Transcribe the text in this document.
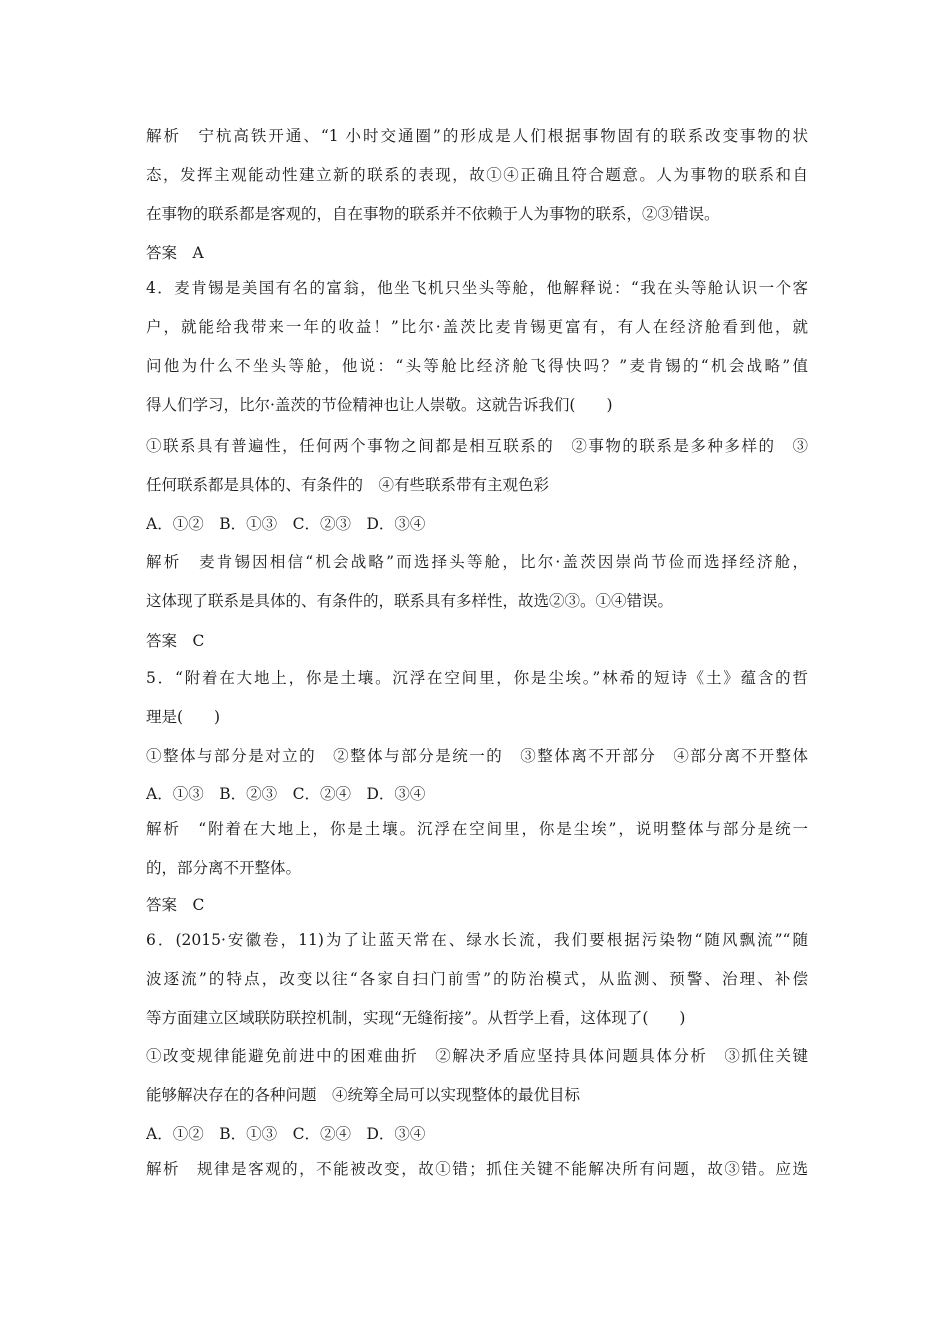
解析　宁杭高铁开通、“1 小时交通圈”的形成是人们根据事物固有的联系改变事物的状
态，发挥主观能动性建立新的联系的表现，故①④正确且符合题意。人为事物的联系和自
在事物的联系都是客观的，自在事物的联系并不依赖于人为事物的联系，②③错误。
答案　A
4．麦肯锡是美国有名的富翁，他坐飞机只坐头等舱，他解释说：“我在头等舱认识一个客
户，就能给我带来一年的收益！”比尔·盖茨比麦肯锡更富有，有人在经济舱看到他，就
问他为什么不坐头等舱，他说：“头等舱比经济舱飞得快吗？”麦肯锡的“机会战略”值
得人们学习，比尔·盖茨的节俭精神也让人崇敬。这就告诉我们(　　)
①联系具有普遍性，任何两个事物之间都是相互联系的　②事物的联系是多种多样的　③
任何联系都是具体的、有条件的　④有些联系带有主观色彩
A．①②　B．①③　C．②③　D．③④
解析　麦肯锡因相信“机会战略”而选择头等舱，比尔·盖茨因崇尚节俭而选择经济舱，
这体现了联系是具体的、有条件的，联系具有多样性，故选②③。①④错误。
答案　C
5．“附着在大地上，你是土壤。沉浮在空间里，你是尘埃。”林希的短诗《土》蕴含的哲
理是(　　)
①整体与部分是对立的　②整体与部分是统一的　③整体离不开部分　④部分离不开整体
A．①③　B．②③　C．②④　D．③④
解析　“附着在大地上，你是土壤。沉浮在空间里，你是尘埃”，说明整体与部分是统一
的，部分离不开整体。
答案　C
6．(2015·安徽卷，11)为了让蓝天常在、绿水长流，我们要根据污染物“随风飘流”“随
波逐流”的特点，改变以往“各家自扫门前雪”的防治模式，从监测、预警、治理、补偿
等方面建立区域联防联控机制，实现“无缝衔接”。从哲学上看，这体现了(　　)
①改变规律能避免前进中的困难曲折　②解决矛盾应坚持具体问题具体分析　③抓住关键
能够解决存在的各种问题　④统筹全局可以实现整体的最优目标
A．①②　B．①③　C．②④　D．③④
解析　规律是客观的，不能被改变，故①错；抓住关键不能解决所有问题，故③错。应选
